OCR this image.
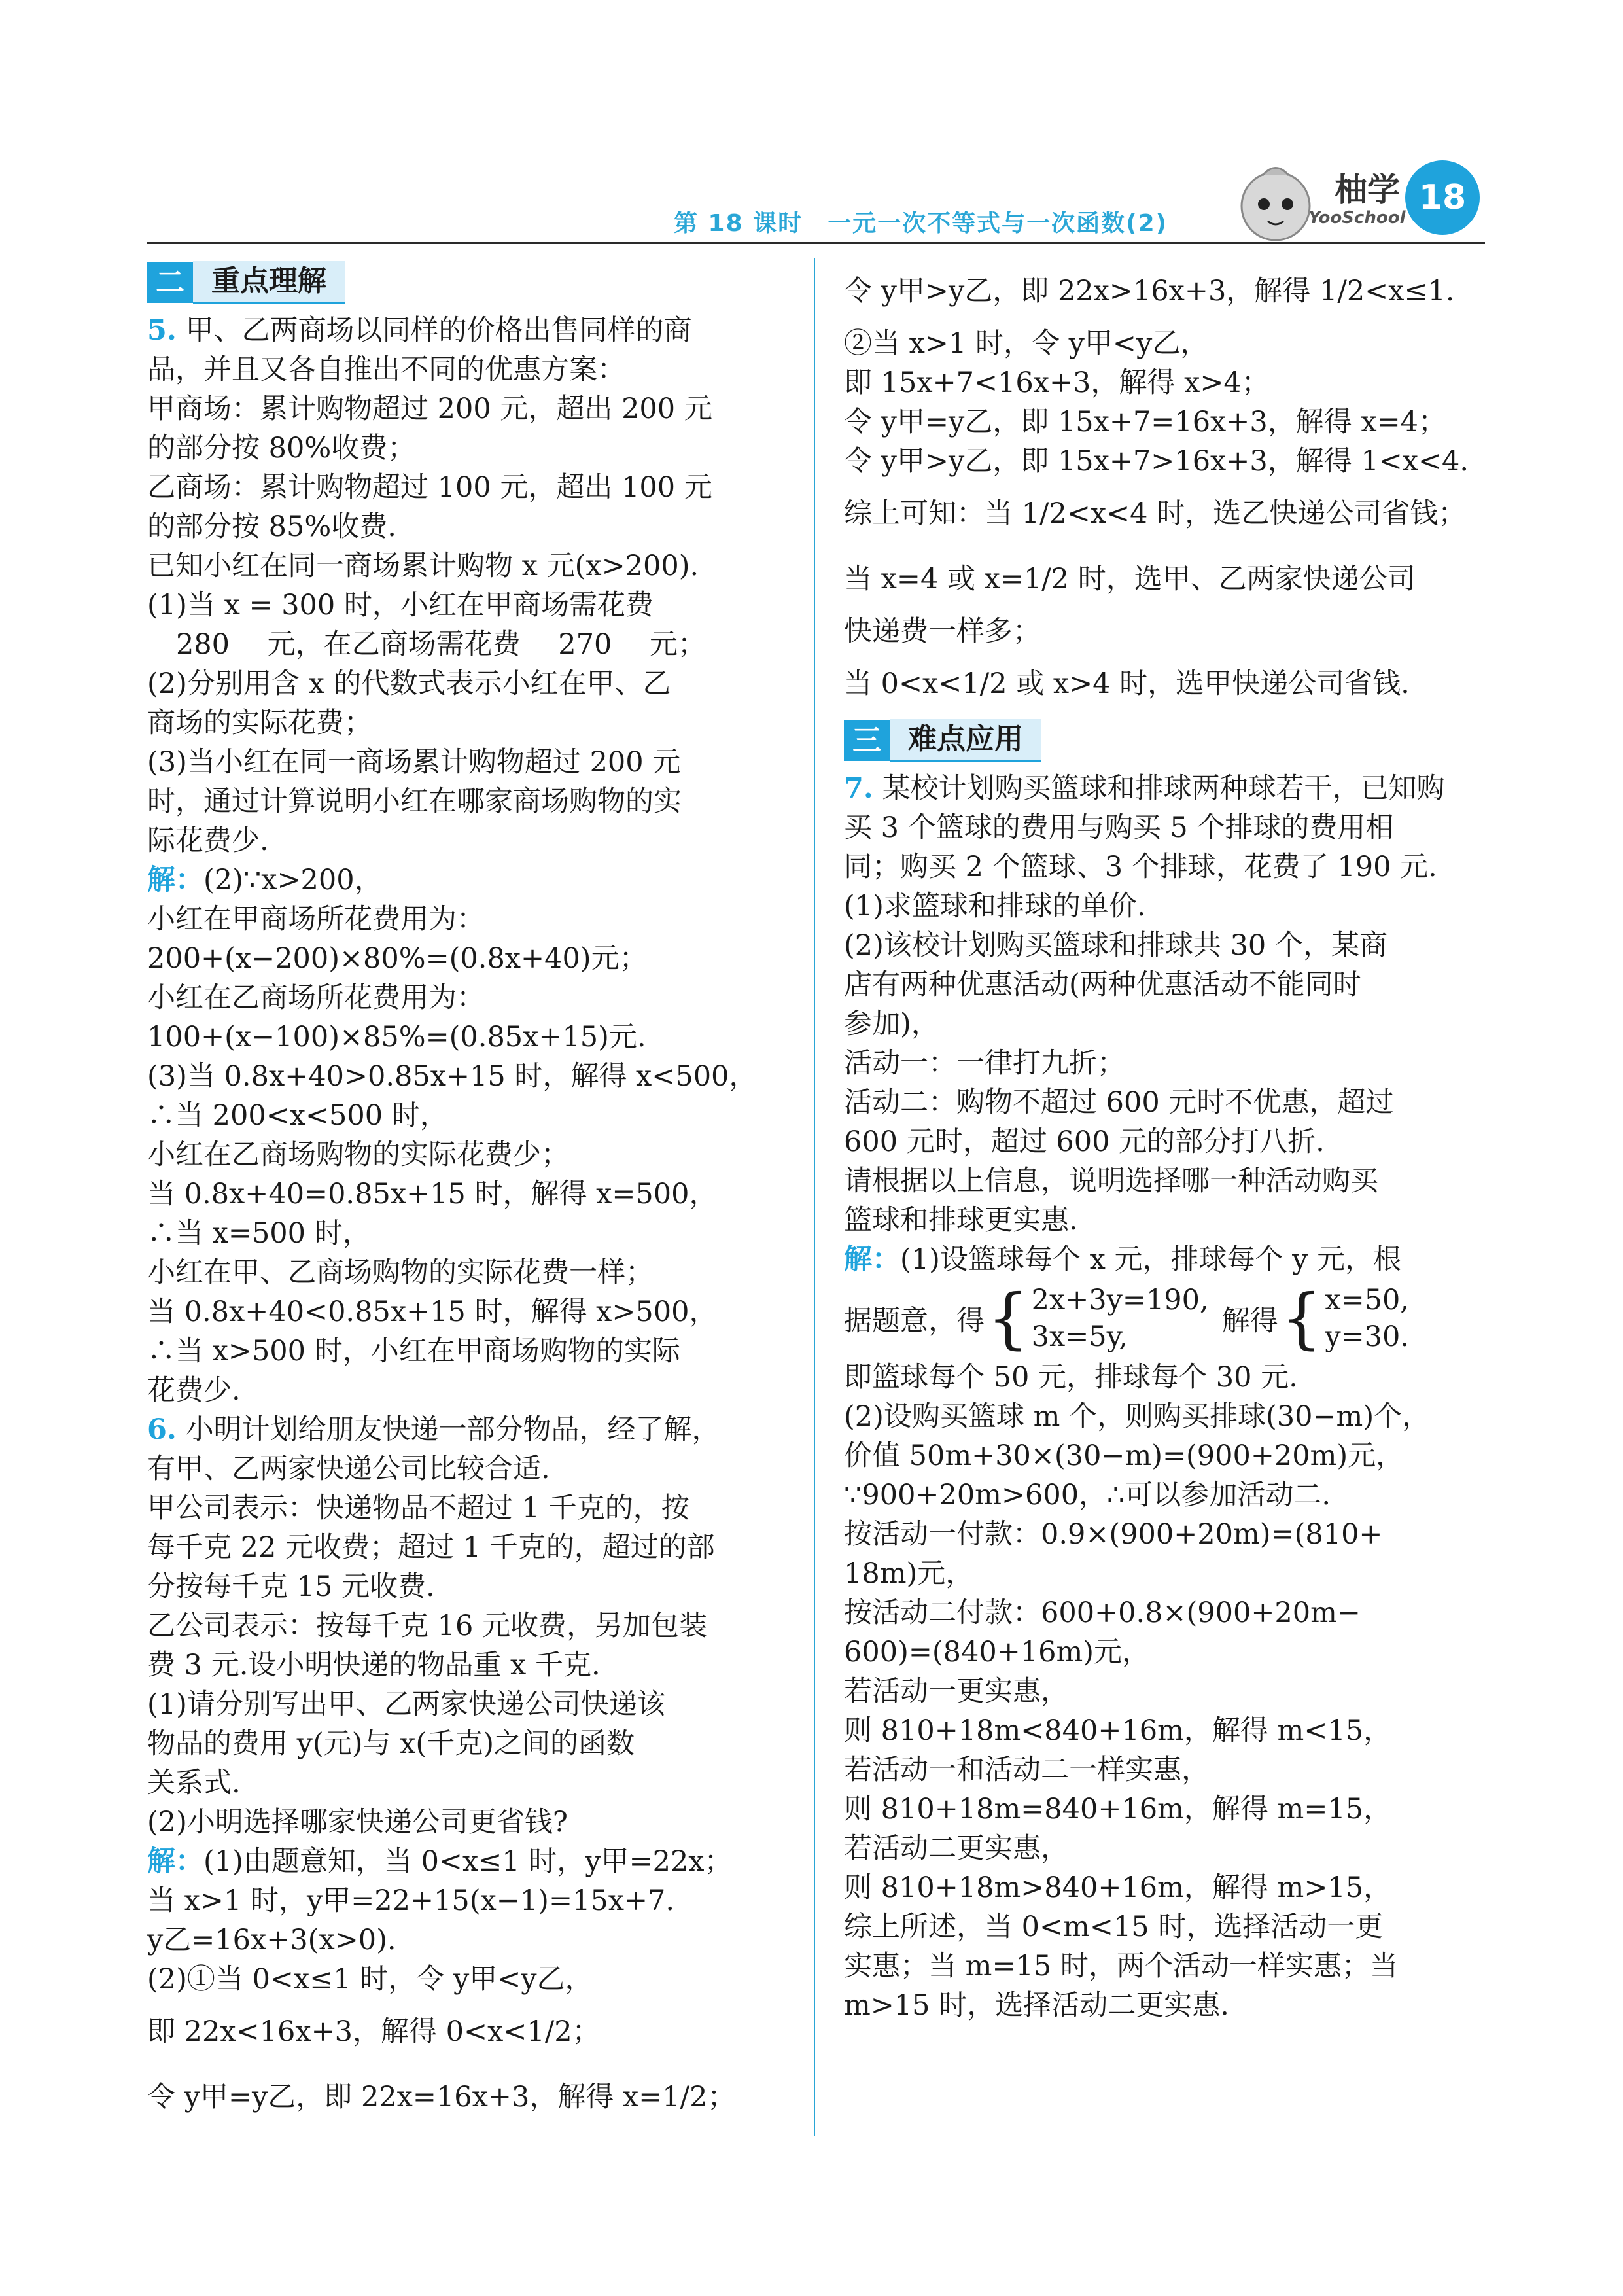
第 18 课时　一元一次不等式与一次函数(2)
柚学
YooSchool
18
二 重点理解
5. 甲、乙两商场以同样的价格出售同样的商
品，并且又各自推出不同的优惠方案：
甲商场：累计购物超过 200 元，超出 200 元
的部分按 80%收费；
乙商场：累计购物超过 100 元，超出 100 元
的部分按 85%收费.
已知小红在同一商场累计购物 x 元(x>200).
(1)当 x = 300 时，小红在甲商场需花费
280 元，在乙商场需花费 270 元；
(2)分别用含 x 的代数式表示小红在甲、乙
商场的实际花费；
(3)当小红在同一商场累计购物超过 200 元
时，通过计算说明小红在哪家商场购物的实
际花费少.
解：(2)∵x>200，
小红在甲商场所花费用为：
200+(x−200)×80%=(0.8x+40)元；
小红在乙商场所花费用为：
100+(x−100)×85%=(0.85x+15)元.
(3)当 0.8x+40>0.85x+15 时，解得 x<500，
∴当 200<x<500 时，
小红在乙商场购物的实际花费少；
当 0.8x+40=0.85x+15 时，解得 x=500，
∴当 x=500 时，
小红在甲、乙商场购物的实际花费一样；
当 0.8x+40<0.85x+15 时，解得 x>500，
∴当 x>500 时，小红在甲商场购物的实际
花费少.
6. 小明计划给朋友快递一部分物品，经了解，
有甲、乙两家快递公司比较合适.
甲公司表示：快递物品不超过 1 千克的，按
每千克 22 元收费；超过 1 千克的，超过的部
分按每千克 15 元收费.
乙公司表示：按每千克 16 元收费，另加包装
费 3 元.设小明快递的物品重 x 千克.
(1)请分别写出甲、乙两家快递公司快递该
物品的费用 y(元)与 x(千克)之间的函数
关系式.
(2)小明选择哪家快递公司更省钱?
解：(1)由题意知，当 0<x≤1 时，y甲=22x；
当 x>1 时，y甲=22+15(x−1)=15x+7.
y乙=16x+3(x>0).
(2)①当 0<x≤1 时，令 y甲<y乙，
即 22x<16x+3，解得 0<x<1/2；
令 y甲=y乙，即 22x=16x+3，解得 x=1/2；
令 y甲>y乙，即 22x>16x+3，解得 1/2<x≤1.
②当 x>1 时，令 y甲<y乙，
即 15x+7<16x+3，解得 x>4；
令 y甲=y乙，即 15x+7=16x+3，解得 x=4；
令 y甲>y乙，即 15x+7>16x+3，解得 1<x<4.
综上可知：当 1/2<x<4 时，选乙快递公司省钱；
当 x=4 或 x=1/2 时，选甲、乙两家快递公司
快递费一样多；
当 0<x<1/2 或 x>4 时，选甲快递公司省钱.
三 难点应用
7. 某校计划购买篮球和排球两种球若干，已知购
买 3 个篮球的费用与购买 5 个排球的费用相
同；购买 2 个篮球、3 个排球，花费了 190 元.
(1)求篮球和排球的单价.
(2)该校计划购买篮球和排球共 30 个，某商
店有两种优惠活动(两种优惠活动不能同时
参加)，
活动一：一律打九折；
活动二：购物不超过 600 元时不优惠，超过
600 元时，超过 600 元的部分打八折.
请根据以上信息，说明选择哪一种活动购买
篮球和排球更实惠.
解：(1)设篮球每个 x 元，排球每个 y 元，根
据题意，得 { 2x+3y=190,
3x=5y,	解得 { x=50,
y=30.
即篮球每个 50 元，排球每个 30 元.
(2)设购买篮球 m 个，则购买排球(30−m)个，
价值 50m+30×(30−m)=(900+20m)元，
∵900+20m>600，∴可以参加活动二.
按活动一付款：0.9×(900+20m)=(810+
18m)元，
按活动二付款：600+0.8×(900+20m−
600)=(840+16m)元，
若活动一更实惠，
则 810+18m<840+16m，解得 m<15，
若活动一和活动二一样实惠，
则 810+18m=840+16m，解得 m=15，
若活动二更实惠，
则 810+18m>840+16m，解得 m>15，
综上所述，当 0<m<15 时，选择活动一更
实惠；当 m=15 时，两个活动一样实惠；当
m>15 时，选择活动二更实惠.
